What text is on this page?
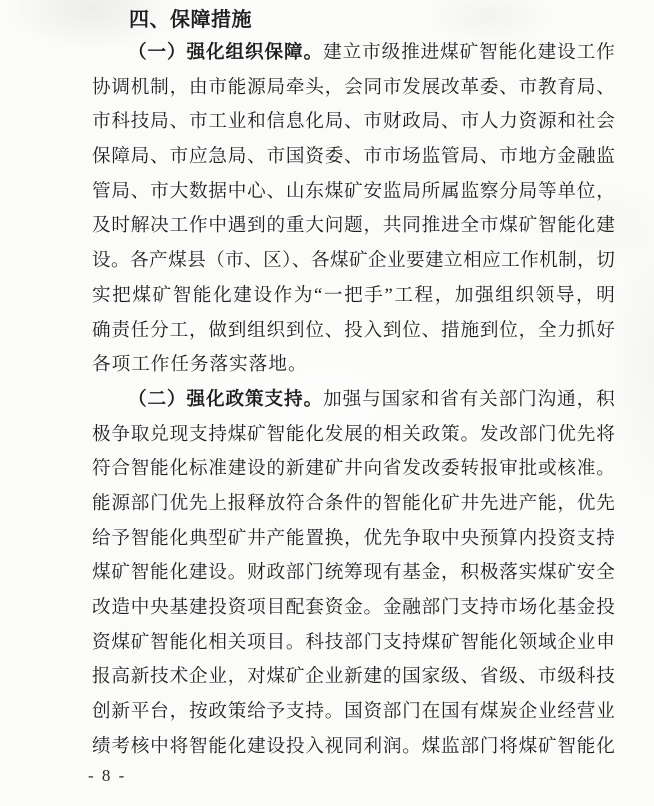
四、保障措施
（一）强化组织保障。建立市级推进煤矿智能化建设工作
协调机制，由市能源局牵头，会同市发展改革委、市教育局、
市科技局、市工业和信息化局、市财政局、市人力资源和社会
保障局、市应急局、市国资委、市市场监管局、市地方金融监
管局、市大数据中心、山东煤矿安监局所属监察分局等单位，
及时解决工作中遇到的重大问题，共同推进全市煤矿智能化建
设。各产煤县（市、区）、各煤矿企业要建立相应工作机制，切
实把煤矿智能化建设作为“一把手”工程，加强组织领导，明
确责任分工，做到组织到位、投入到位、措施到位，全力抓好
各项工作任务落实落地。
（二）强化政策支持。加强与国家和省有关部门沟通，积
极争取兑现支持煤矿智能化发展的相关政策。发改部门优先将
符合智能化标准建设的新建矿井向省发改委转报审批或核准。
能源部门优先上报释放符合条件的智能化矿井先进产能，优先
给予智能化典型矿井产能置换，优先争取中央预算内投资支持
煤矿智能化建设。财政部门统筹现有基金，积极落实煤矿安全
改造中央基建投资项目配套资金。金融部门支持市场化基金投
资煤矿智能化相关项目。科技部门支持煤矿智能化领域企业申
报高新技术企业，对煤矿企业新建的国家级、省级、市级科技
创新平台，按政策给予支持。国资部门在国有煤炭企业经营业
绩考核中将智能化建设投入视同利润。煤监部门将煤矿智能化
- 8 -
